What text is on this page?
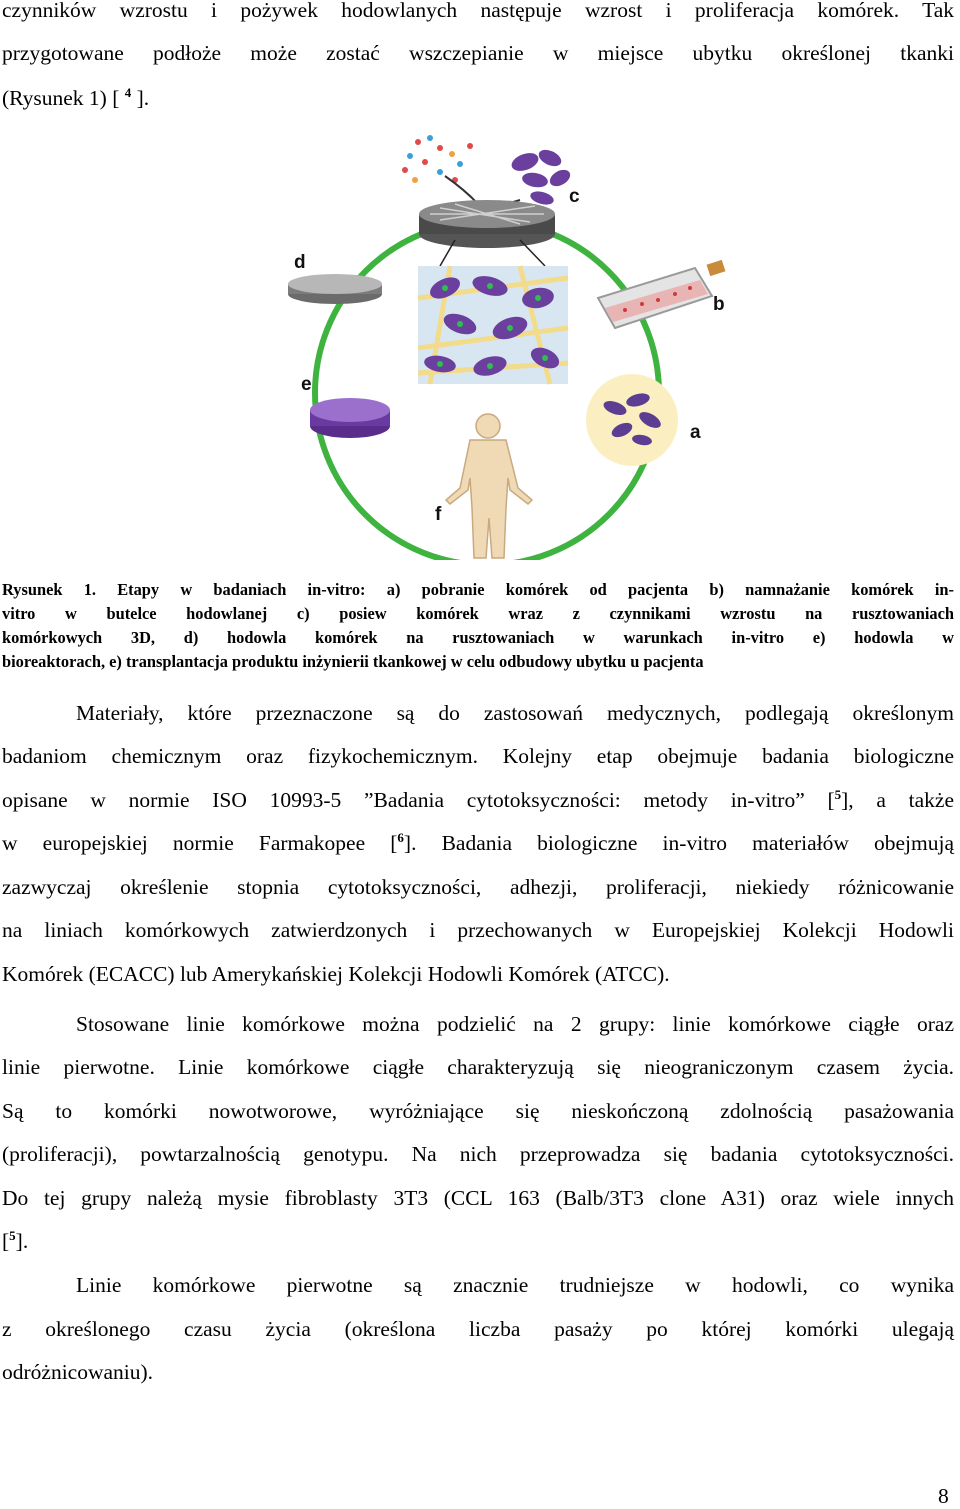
czynników wzrostu i pożywek hodowlanych następuje wzrost i proliferacja komórek. Tak
przygotowane podłoże może zostać wszczepianie w miejsce ubytku określonej tkanki
(Rysunek 1) [ $^4$ ].
c
d
b
e
a
f
Rysunek 1. Etapy w badaniach in-vitro: a) pobranie komórek od pacjenta b) namnażanie komórek in-
vitro w butelce hodowlanej c) posiew komórek wraz z czynnikami wzrostu na rusztowaniach
komórkowych 3D, d) hodowla komórek na rusztowaniach w warunkach in-vitro e) hodowla w
bioreaktorach, e) transplantacja produktu inżynierii tkankowej w celu odbudowy ubytku u pacjenta
Materiały, które przeznaczone są do zastosowań medycznych, podlegają określonym
badaniom chemicznym oraz fizykochemicznym. Kolejny etap obejmuje badania biologiczne
opisane w normie ISO 10993-5 ”Badania cytotoksyczności: metody in-vitro” [$^5$], a także
w europejskiej normie Farmakopee [$^6$]. Badania biologiczne in-vitro materiałów obejmują
zazwyczaj określenie stopnia cytotoksyczności, adhezji, proliferacji, niekiedy różnicowanie
na liniach komórkowych zatwierdzonych i przechowanych w Europejskiej Kolekcji Hodowli
Komórek (ECACC) lub Amerykańskiej Kolekcji Hodowli Komórek (ATCC).
Stosowane linie komórkowe można podzielić na 2 grupy: linie komórkowe ciągłe oraz
linie pierwotne. Linie komórkowe ciągłe charakteryzują się nieograniczonym czasem życia.
Są to komórki nowotworowe, wyróżniające się nieskończoną zdolnością pasażowania
(proliferacji), powtarzalnością genotypu. Na nich przeprowadza się badania cytotoksyczności.
Do tej grupy należą mysie fibroblasty 3T3 (CCL 163 (Balb/3T3 clone A31) oraz wiele innych
[$^5$].
Linie komórkowe pierwotne są znacznie trudniejsze w hodowli, co wynika
z określonego czasu życia (określona liczba pasaży po której komórki ulegają
odróżnicowaniu).
8
